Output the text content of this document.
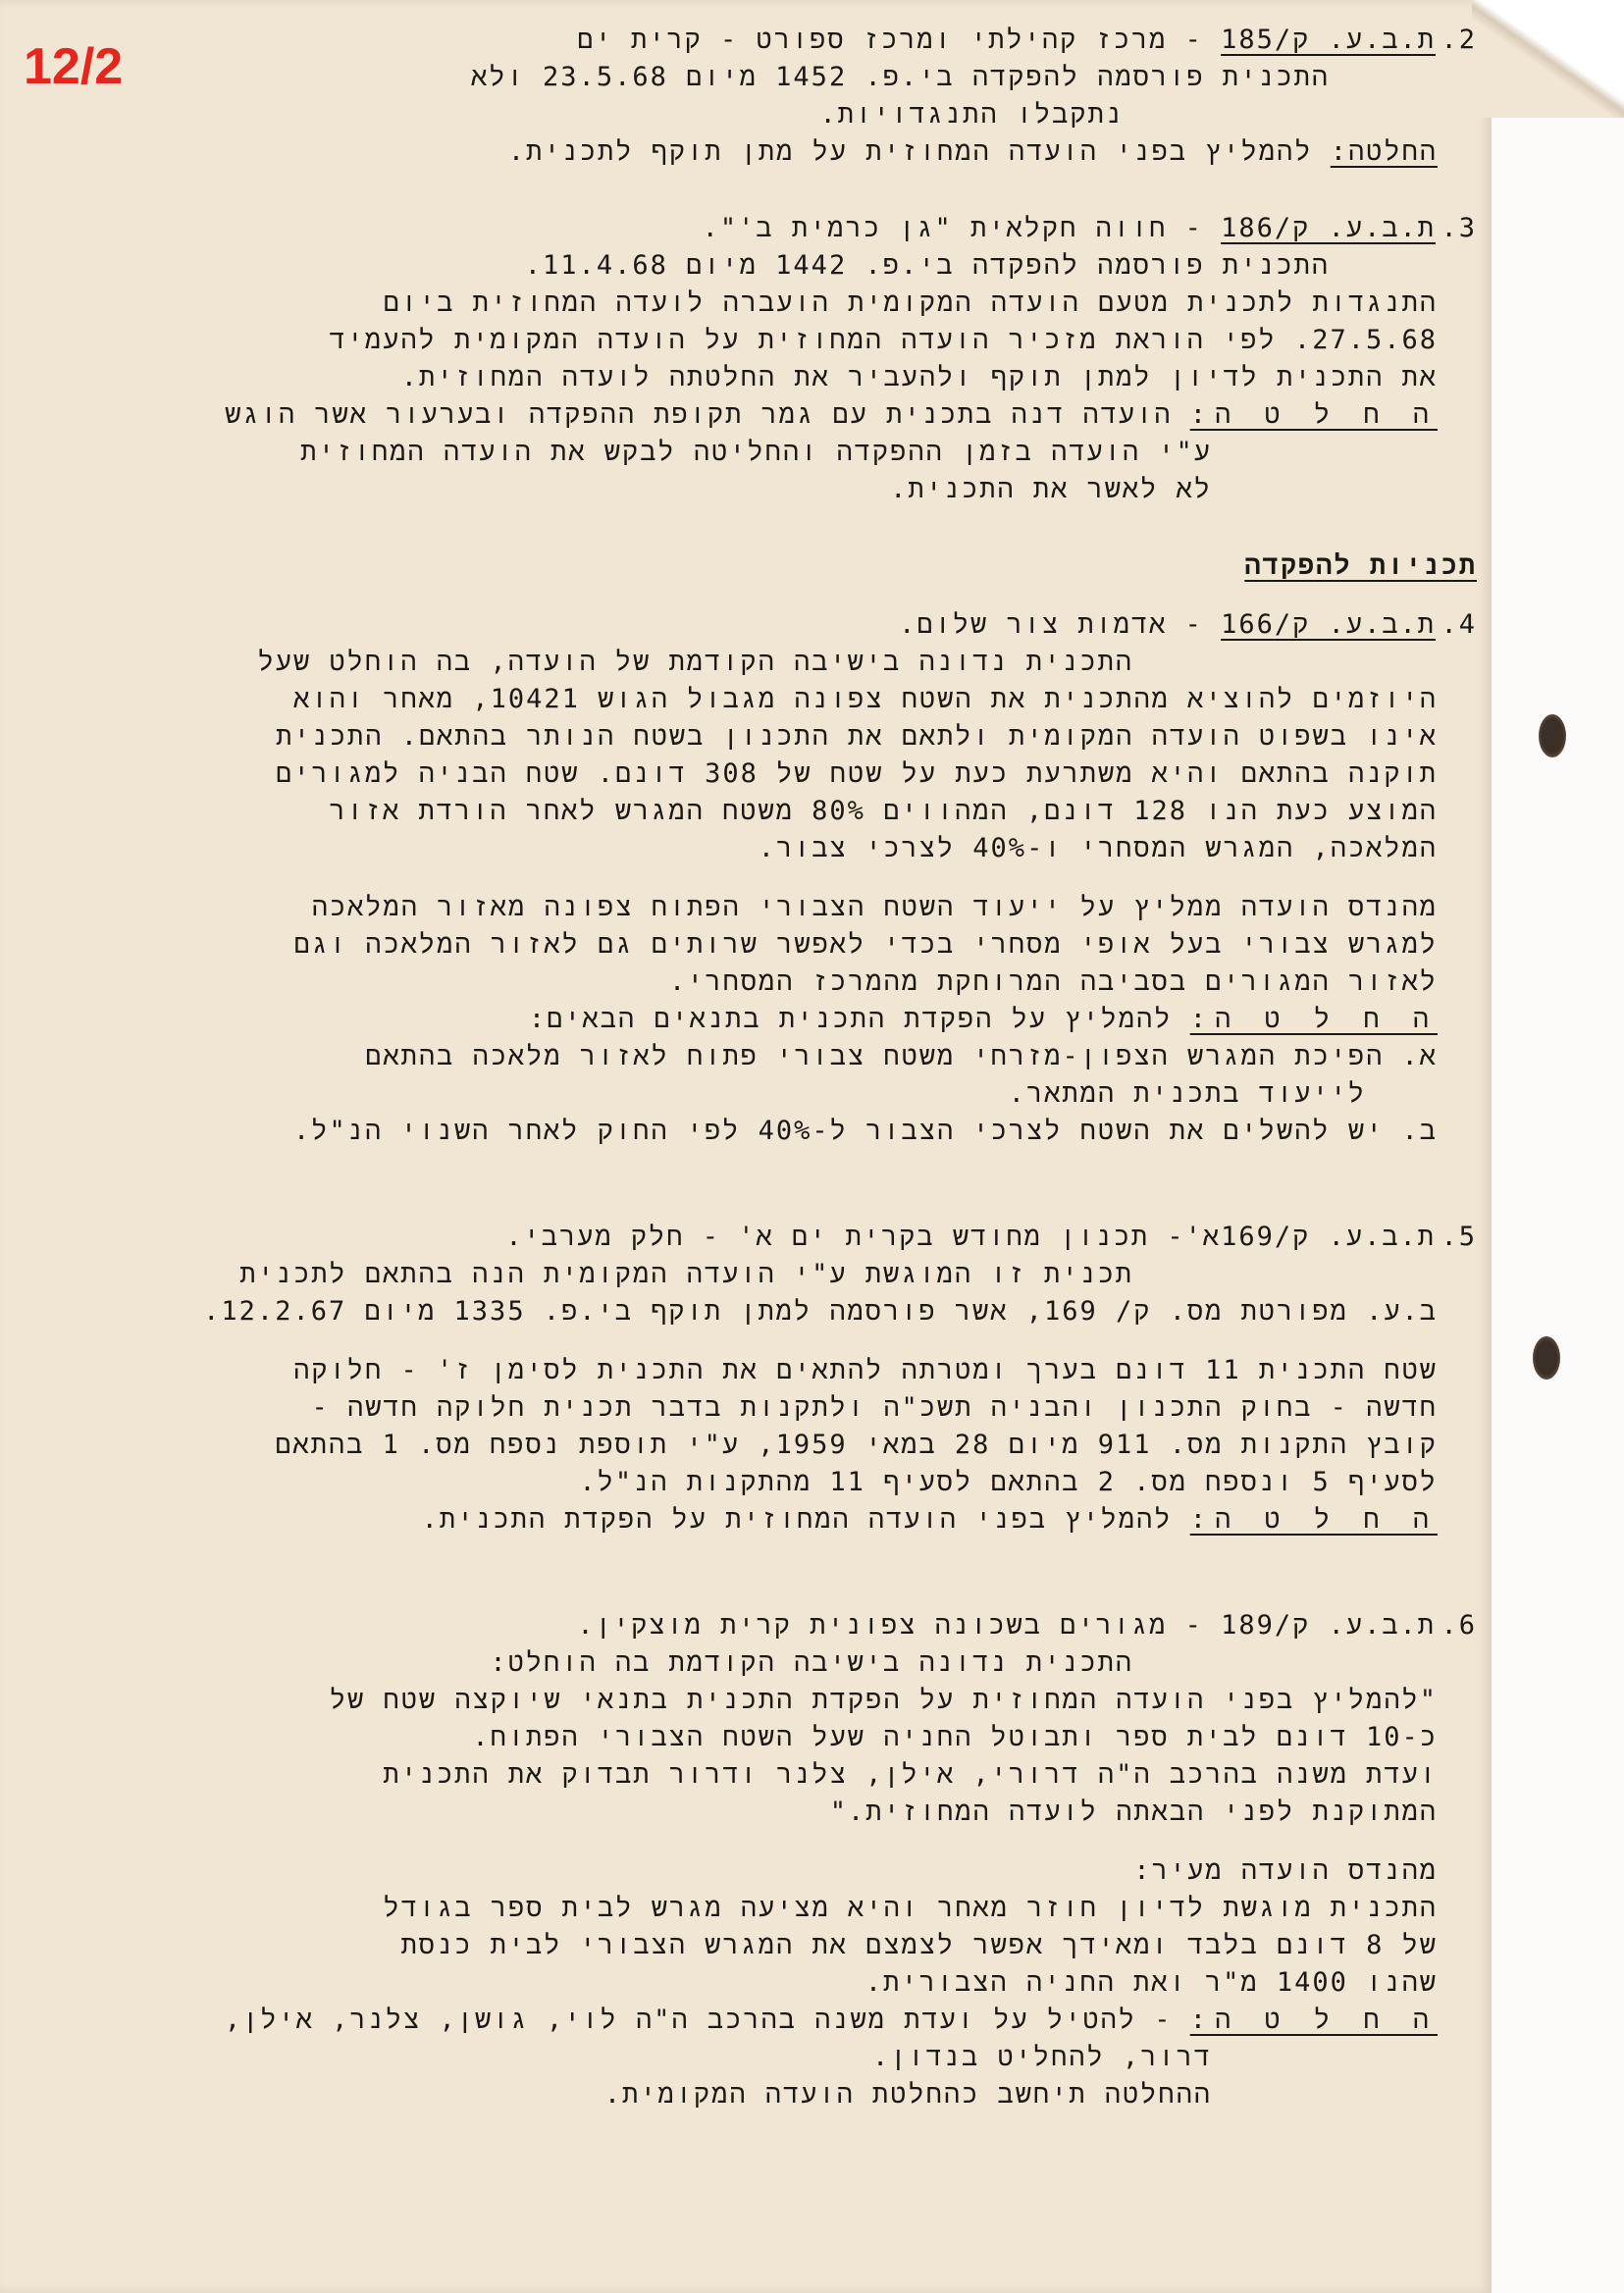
12/2	2.ת.ב.ע. ק/185 - מרכז קהילתי ומרכז ספורט - קרית ים
התכנית פורסמה להפקדה בי.פ. 1452 מיום 23.5.68 ולא
נתקבלו התנגדויות.
החלטה: להמליץ בפני הועדה המחוזית על מתן תוקף לתכנית.
3.ת.ב.ע. ק/186 - חווה חקלאית "גן כרמית ב'".
התכנית פורסמה להפקדה בי.פ. 1442 מיום 11.4.68.
התנגדות לתכנית מטעם הועדה המקומית הועברה לועדה המחוזית ביום
27.5.68. לפי הוראת מזכיר הועדה המחוזית על הועדה המקומית להעמיד
את התכנית לדיון למתן תוקף ולהעביר את החלטתה לועדה המחוזית.
ה ח ל ט ה: הועדה דנה בתכנית עם גמר תקופת ההפקדה ובערעור אשר הוגש
ע"י הועדה בזמן ההפקדה והחליטה לבקש את הועדה המחוזית
לא לאשר את התכנית.
תכניות להפקדה
4.ת.ב.ע. ק/166 - אדמות צור שלום.
התכנית נדונה בישיבה הקודמת של הועדה, בה הוחלט שעל
היוזמים להוציא מהתכנית את השטח צפונה מגבול הגוש 10421, מאחר והוא
אינו בשפוט הועדה המקומית ולתאם את התכנון בשטח הנותר בהתאם. התכנית
תוקנה בהתאם והיא משתרעת כעת על שטח של 308 דונם. שטח הבניה למגורים
המוצע כעת הנו 128 דונם, המהווים 80% משטח המגרש לאחר הורדת אזור
המלאכה, המגרש המסחרי ו-40% לצרכי צבור.
מהנדס הועדה ממליץ על ייעוד השטח הצבורי הפתוח צפונה מאזור המלאכה
למגרש צבורי בעל אופי מסחרי בכדי לאפשר שרותים גם לאזור המלאכה וגם
לאזור המגורים בסביבה המרוחקת מהמרכז המסחרי.
ה ח ל ט ה: להמליץ על הפקדת התכנית בתנאים הבאים:
א. הפיכת המגרש הצפון-מזרחי משטח צבורי פתוח לאזור מלאכה בהתאם
לייעוד בתכנית המתאר.
ב. יש להשלים את השטח לצרכי הצבור ל-40% לפי החוק לאחר השנוי הנ"ל.
5.ת.ב.ע. ק/169א'- תכנון מחודש בקרית ים א' - חלק מערבי.
תכנית זו המוגשת ע"י הועדה המקומית הנה בהתאם לתכנית
ב.ע. מפורטת מס. ק/ 169, אשר פורסמה למתן תוקף בי.פ. 1335 מיום 12.2.67.
שטח התכנית 11 דונם בערך ומטרתה להתאים את התכנית לסימן ז' - חלוקה
חדשה - בחוק התכנון והבניה תשכ"ה ולתקנות בדבר תכנית חלוקה חדשה -
קובץ התקנות מס. 911 מיום 28 במאי 1959, ע"י תוספת נספח מס. 1 בהתאם
לסעיף 5 ונספח מס. 2 בהתאם לסעיף 11 מהתקנות הנ"ל.
ה ח ל ט ה: להמליץ בפני הועדה המחוזית על הפקדת התכנית.
6.ת.ב.ע. ק/189 - מגורים בשכונה צפונית קרית מוצקין.
התכנית נדונה בישיבה הקודמת בה הוחלט:
"להמליץ בפני הועדה המחוזית על הפקדת התכנית בתנאי שיוקצה שטח של
כ-10 דונם לבית ספר ותבוטל החניה שעל השטח הצבורי הפתוח.
ועדת משנה בהרכב ה"ה דרורי, אילן, צלנר ודרור תבדוק את התכנית
המתוקנת לפני הבאתה לועדה המחוזית."
מהנדס הועדה מעיר:
התכנית מוגשת לדיון חוזר מאחר והיא מציעה מגרש לבית ספר בגודל
של 8 דונם בלבד ומאידך אפשר לצמצם את המגרש הצבורי לבית כנסת
שהנו 1400 מ"ר ואת החניה הצבורית.
ה ח ל ט ה: - להטיל על ועדת משנה בהרכב ה"ה לוי, גושן, צלנר, אילן,
דרור, להחליט בנדון.
ההחלטה תיחשב כהחלטת הועדה המקומית.
